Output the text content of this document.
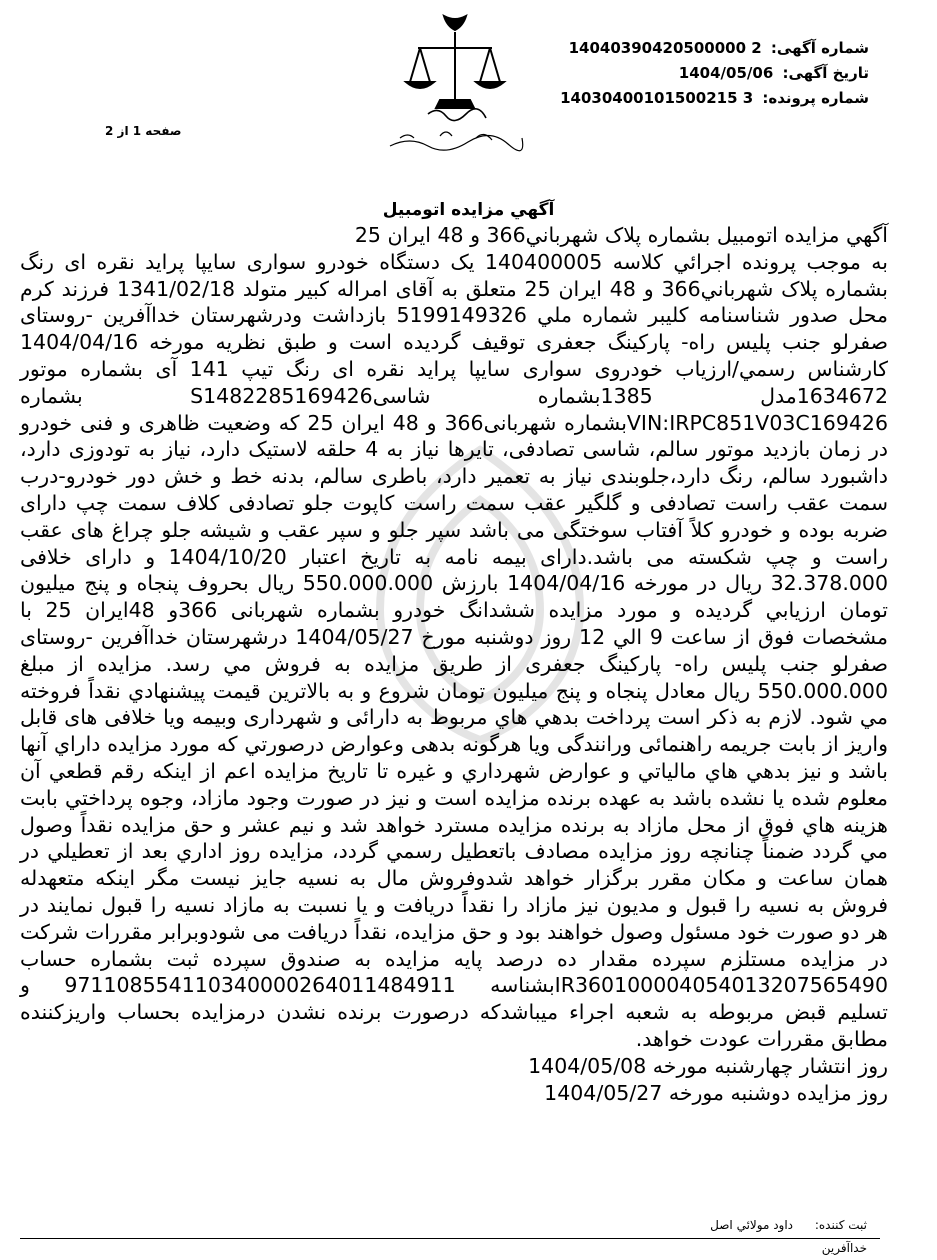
شماره آگهی: 14040390420500000 2
تاریخ آگهی: 1404/05/06
شماره پرونده: 14030400101500215 3
صفحه 1 از 2
آگهي مزايده اتومبيل

آگهي مزايده اتومبيل بشماره پلاک شهرباني366 و 48 ايران 25

به موجب پرونده اجرائي کلاسه 140400005 يک دستگاه خودرو سواری سايپا پرايد نقره ای رنگ بشماره پلاک شهرباني366 و 48 ايران 25 متعلق به آقای امراله کبير متولد 1341/02/18 فرزند کرم محل صدور شناسنامه کليبر شماره ملي 5199149326 بازداشت ودرشهرستان خداآفرين -روستای صفرلو جنب پليس راه- پارکينگ جعفری توقيف گرديده است و طبق نظريه مورخه 1404/04/16 کارشناس رسمي/ارزياب خودروی سواری سايپا پرايد نقره ای رنگ تيپ 141 آی بشماره موتور 1634672مدل 1385بشماره شاسیS1482285169426 بشماره VIN:IRPC851V03C169426بشماره شهربانی366 و 48 ايران 25 که وضعيت ظاهری و فنی خودرو در زمان بازديد موتور سالم، شاسی تصادفی، تايرها نياز به 4 حلقه لاستيک دارد، نياز به تودوزی دارد، داشبورد سالم، رنگ دارد،جلوبندی نياز به تعمير دارد، باطری سالم، بدنه خط و خش دور خودرو-درب سمت عقب راست تصادفی و گلگير عقب سمت راست کاپوت جلو تصادفی کلاف سمت چپ دارای ضربه بوده و خودرو کلاً آفتاب سوختگی می باشد سپر جلو و سپر عقب و شيشه جلو چراغ های عقب راست و چپ شکسته می باشد.دارای بيمه نامه به تاريخ اعتبار 1404/10/20 و دارای خلافی 32.378.000 ريال در مورخه 1404/04/16 بارزش 550.000.000 ريال بحروف پنجاه و پنج ميليون تومان ارزيابي گرديده و مورد مزايده ششدانگ خودرو بشماره شهربانی 366و 48ايران 25 با مشخصات فوق از ساعت 9 الي 12 روز دوشنبه مورخ 1404/05/27 درشهرستان خداآفرين -روستای صفرلو جنب پليس راه- پارکينگ جعفری از طريق مزايده به فروش مي رسد. مزايده از مبلغ 550.000.000 ريال معادل پنجاه و پنج ميليون تومان شروع و به بالاترين قيمت پيشنهادي نقداً فروخته مي شود. لازم به ذکر است پرداخت بدهي هاي مربوط به دارائی و شهرداری وبيمه ويا خلافی های قابل واريز از بابت جريمه راهنمائی ورانندگی ويا هرگونه بدهی وعوارض درصورتي که مورد مزايده داراي آنها باشد و نيز بدهي هاي مالياتي و عوارض شهرداري و غيره تا تاريخ مزايده اعم از اينکه رقم قطعي آن معلوم شده يا نشده باشد به عهده برنده مزايده است و نيز در صورت وجود مازاد، وجوه پرداختي بابت هزينه هاي فوق از محل مازاد به برنده مزايده مسترد خواهد شد و نيم عشر و حق مزايده نقداً وصول مي گردد ضمناً چنانچه روز مزايده مصادف باتعطيل رسمي گردد، مزايده روز اداري بعد از تعطيلي در همان ساعت و مکان مقرر برگزار خواهد شدوفروش مال به نسيه جايز نيست مگر اينکه متعهدله فروش به نسيه را قبول و مديون نيز مازاد را نقداً دريافت و يا نسبت به مازاد نسيه را قبول نمايند در هر دو صورت خود مسئول وصول خواهند بود و حق مزايده، نقداً دريافت می شودوبرابر مقررات شرکت در مزايده مستلزم سپرده مقدار ده درصد پايه مزايده به صندوق سپرده ثبت بشماره حساب IR360100004054013207565490بشناسه 971108554110340000264011484911 و تسليم قبض مربوطه به شعبه اجراء ميباشدکه درصورت برنده نشدن درمزايده بحساب واريزكننده مطابق مقررات عودت خواهد.

روز انتشار چهارشنبه مورخه 1404/05/08

روز مزايده دوشنبه مورخه 1404/05/27

ثبت کننده: داود مولائي اصل
خداآفرين
